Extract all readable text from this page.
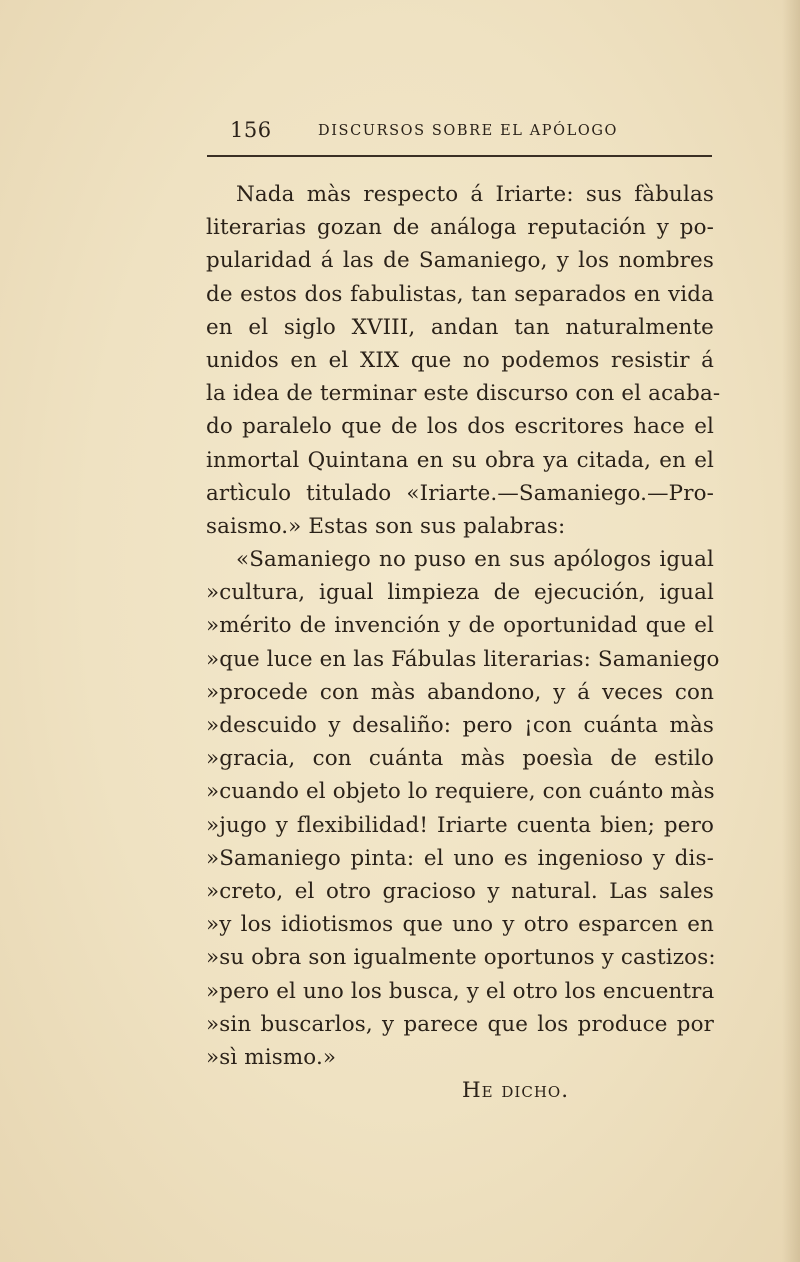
156	DISCURSOS SOBRE EL APÓLOGO
Nada màs respecto á Iriarte: sus fàbulas
literarias gozan de análoga reputación y po-
pularidad á las de Samaniego, y los nombres
de estos dos fabulistas, tan separados en vida
en el siglo XVIII, andan tan naturalmente
unidos en el XIX que no podemos resistir á
la idea de terminar este discurso con el acaba-
do paralelo que de los dos escritores hace el
inmortal Quintana en su obra ya citada, en el
artìculo titulado «Iriarte.—Samaniego.—Pro-
saismo.» Estas son sus palabras:
«Samaniego no puso en sus apólogos igual
»cultura, igual limpieza de ejecución, igual
»mérito de invención y de oportunidad que el
»que luce en las Fábulas literarias: Samaniego
»procede con màs abandono, y á veces con
»descuido y desaliño: pero ¡con cuánta màs
»gracia, con cuánta màs poesìa de estilo
»cuando el objeto lo requiere, con cuánto màs
»jugo y flexibilidad! Iriarte cuenta bien; pero
»Samaniego pinta: el uno es ingenioso y dis-
»creto, el otro gracioso y natural. Las sales
»y los idiotismos que uno y otro esparcen en
»su obra son igualmente oportunos y castizos:
»pero el uno los busca, y el otro los encuentra
»sin buscarlos, y parece que los produce por
»sì mismo.»
He dicho.
